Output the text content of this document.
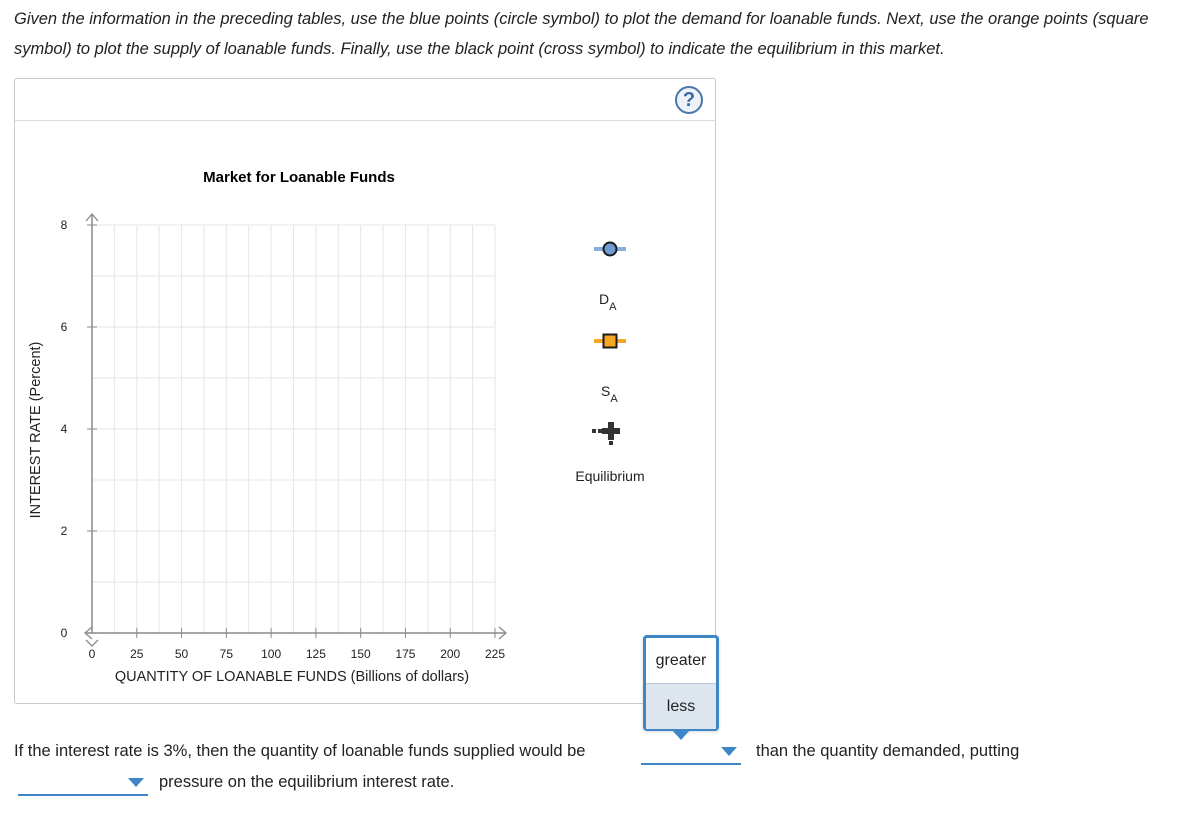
Given the information in the preceding tables, use the blue points (circle symbol) to plot the demand for loanable funds. Next, use the orange points (square symbol) to plot the supply of loanable funds. Finally, use the black point (cross symbol) to indicate the equilibrium in this market.

?
0	25	50	75 100 125 150 175 200 225
0
2
4
6
8
Market for Loanable Funds
QUANTITY OF LOANABLE FUNDS (Billions of dollars)
INTEREST RATE (Percent)
$D_A$
$S_A$
Equilibrium
greater
less
If the interest rate is 3%, then the quantity of loanable funds supplied would be	than the quantity demanded, putting
pressure on the equilibrium interest rate.
